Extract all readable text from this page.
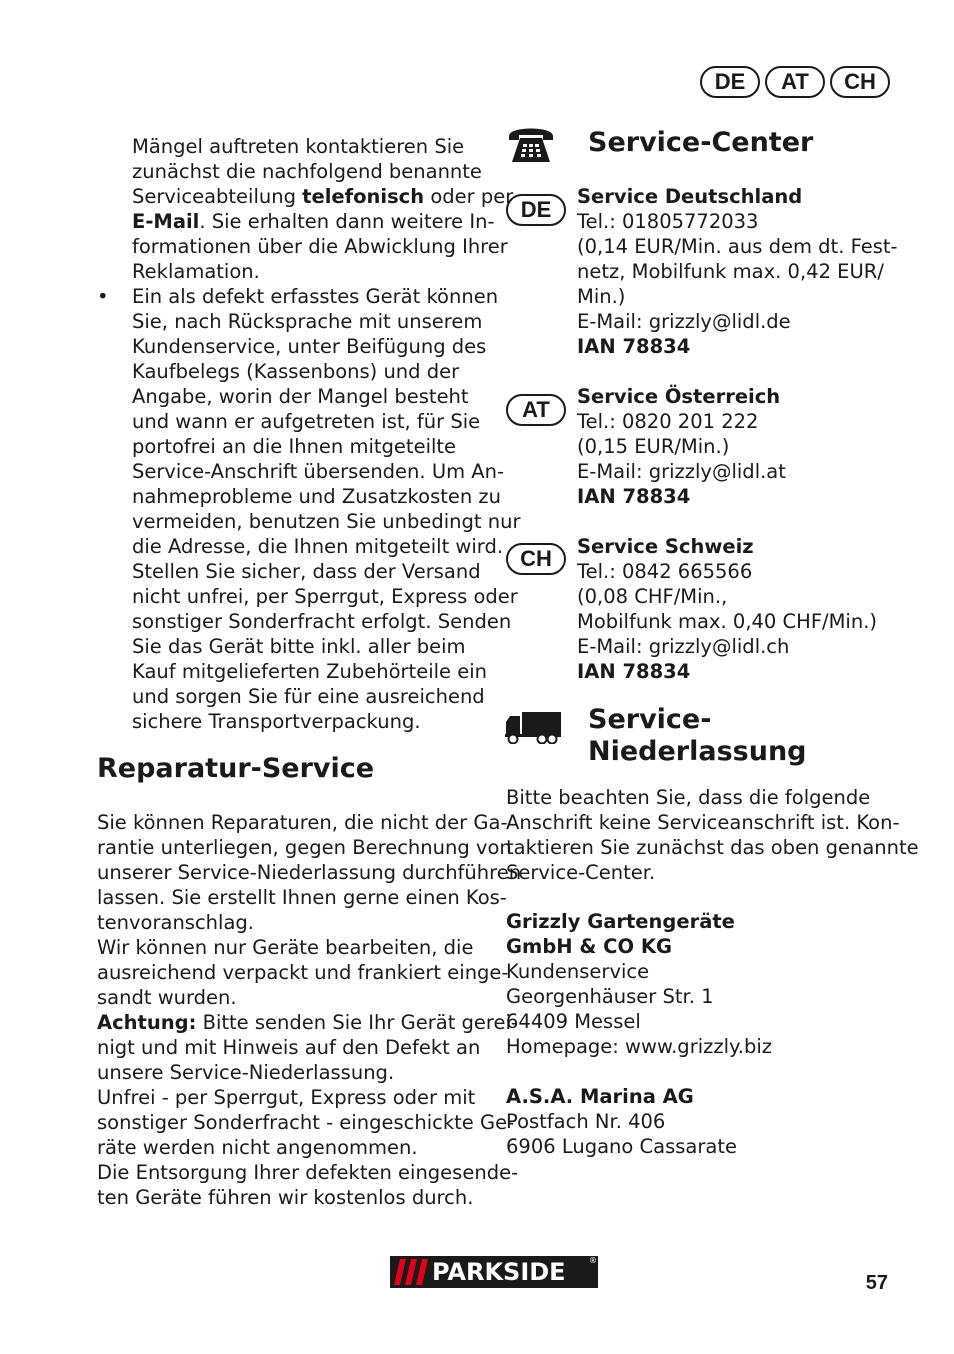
DE	AT	CH
Mängel auftreten kontaktieren Sie
zunächst die nachfolgend benannte
Serviceabteilung telefonisch oder per
E-Mail. Sie erhalten dann weitere In-
formationen über die Abwicklung Ihrer
Reklamation.
• Ein als defekt erfasstes Gerät können
Sie, nach Rücksprache mit unserem
Kundenservice, unter Beifügung des
Kaufbelegs (Kassenbons) und der
Angabe, worin der Mangel besteht
und wann er aufgetreten ist, für Sie
portofrei an die Ihnen mitgeteilte
Service-Anschrift übersenden. Um An-
nahmeprobleme und Zusatzkosten zu
vermeiden, benutzen Sie unbedingt nur
die Adresse, die Ihnen mitgeteilt wird.
Stellen Sie sicher, dass der Versand
nicht unfrei, per Sperrgut, Express oder
sonstiger Sonderfracht erfolgt. Senden
Sie das Gerät bitte inkl. aller beim
Kauf mitgelieferten Zubehörteile ein
und sorgen Sie für eine ausreichend
sichere Transportverpackung.
Reparatur-Service
Sie können Reparaturen, die nicht der Ga-
rantie unterliegen, gegen Berechnung von
unserer Service-Niederlassung durchführen
lassen. Sie erstellt Ihnen gerne einen Kos-
tenvoranschlag.
Wir können nur Geräte bearbeiten, die
ausreichend verpackt und frankiert einge-
sandt wurden.
Achtung: Bitte senden Sie Ihr Gerät gerei-
nigt und mit Hinweis auf den Defekt an
unsere Service-Niederlassung.
Unfrei - per Sperrgut, Express oder mit
sonstiger Sonderfracht - eingeschickte Ge-
räte werden nicht angenommen.
Die Entsorgung Ihrer defekten eingesende-
ten Geräte führen wir kostenlos durch.
Service-Center
DE
Service Deutschland
Tel.: 01805772033
(0,14 EUR/Min. aus dem dt. Fest-
netz, Mobilfunk max. 0,42 EUR/
Min.)
E-Mail: grizzly@lidl.de
IAN 78834
AT
Service Österreich
Tel.: 0820 201 222
(0,15 EUR/Min.)
E-Mail: grizzly@lidl.at
IAN 78834
CH	Service Schweiz
Tel.: 0842 665566
(0,08 CHF/Min.,
Mobilfunk max. 0,40 CHF/Min.)
E-Mail: grizzly@lidl.ch
IAN 78834
Service-
Niederlassung
Bitte beachten Sie, dass die folgende
Anschrift keine Serviceanschrift ist. Kon-
taktieren Sie zunächst das oben genannte
Service-Center.
Grizzly Gartengeräte
GmbH & CO KG
Kundenservice
Georgenhäuser Str. 1
64409 Messel
Homepage: www.grizzly.biz
A.S.A. Marina AG
Postfach Nr. 406
6906 Lugano Cassarate
PARKSIDE	®
57
